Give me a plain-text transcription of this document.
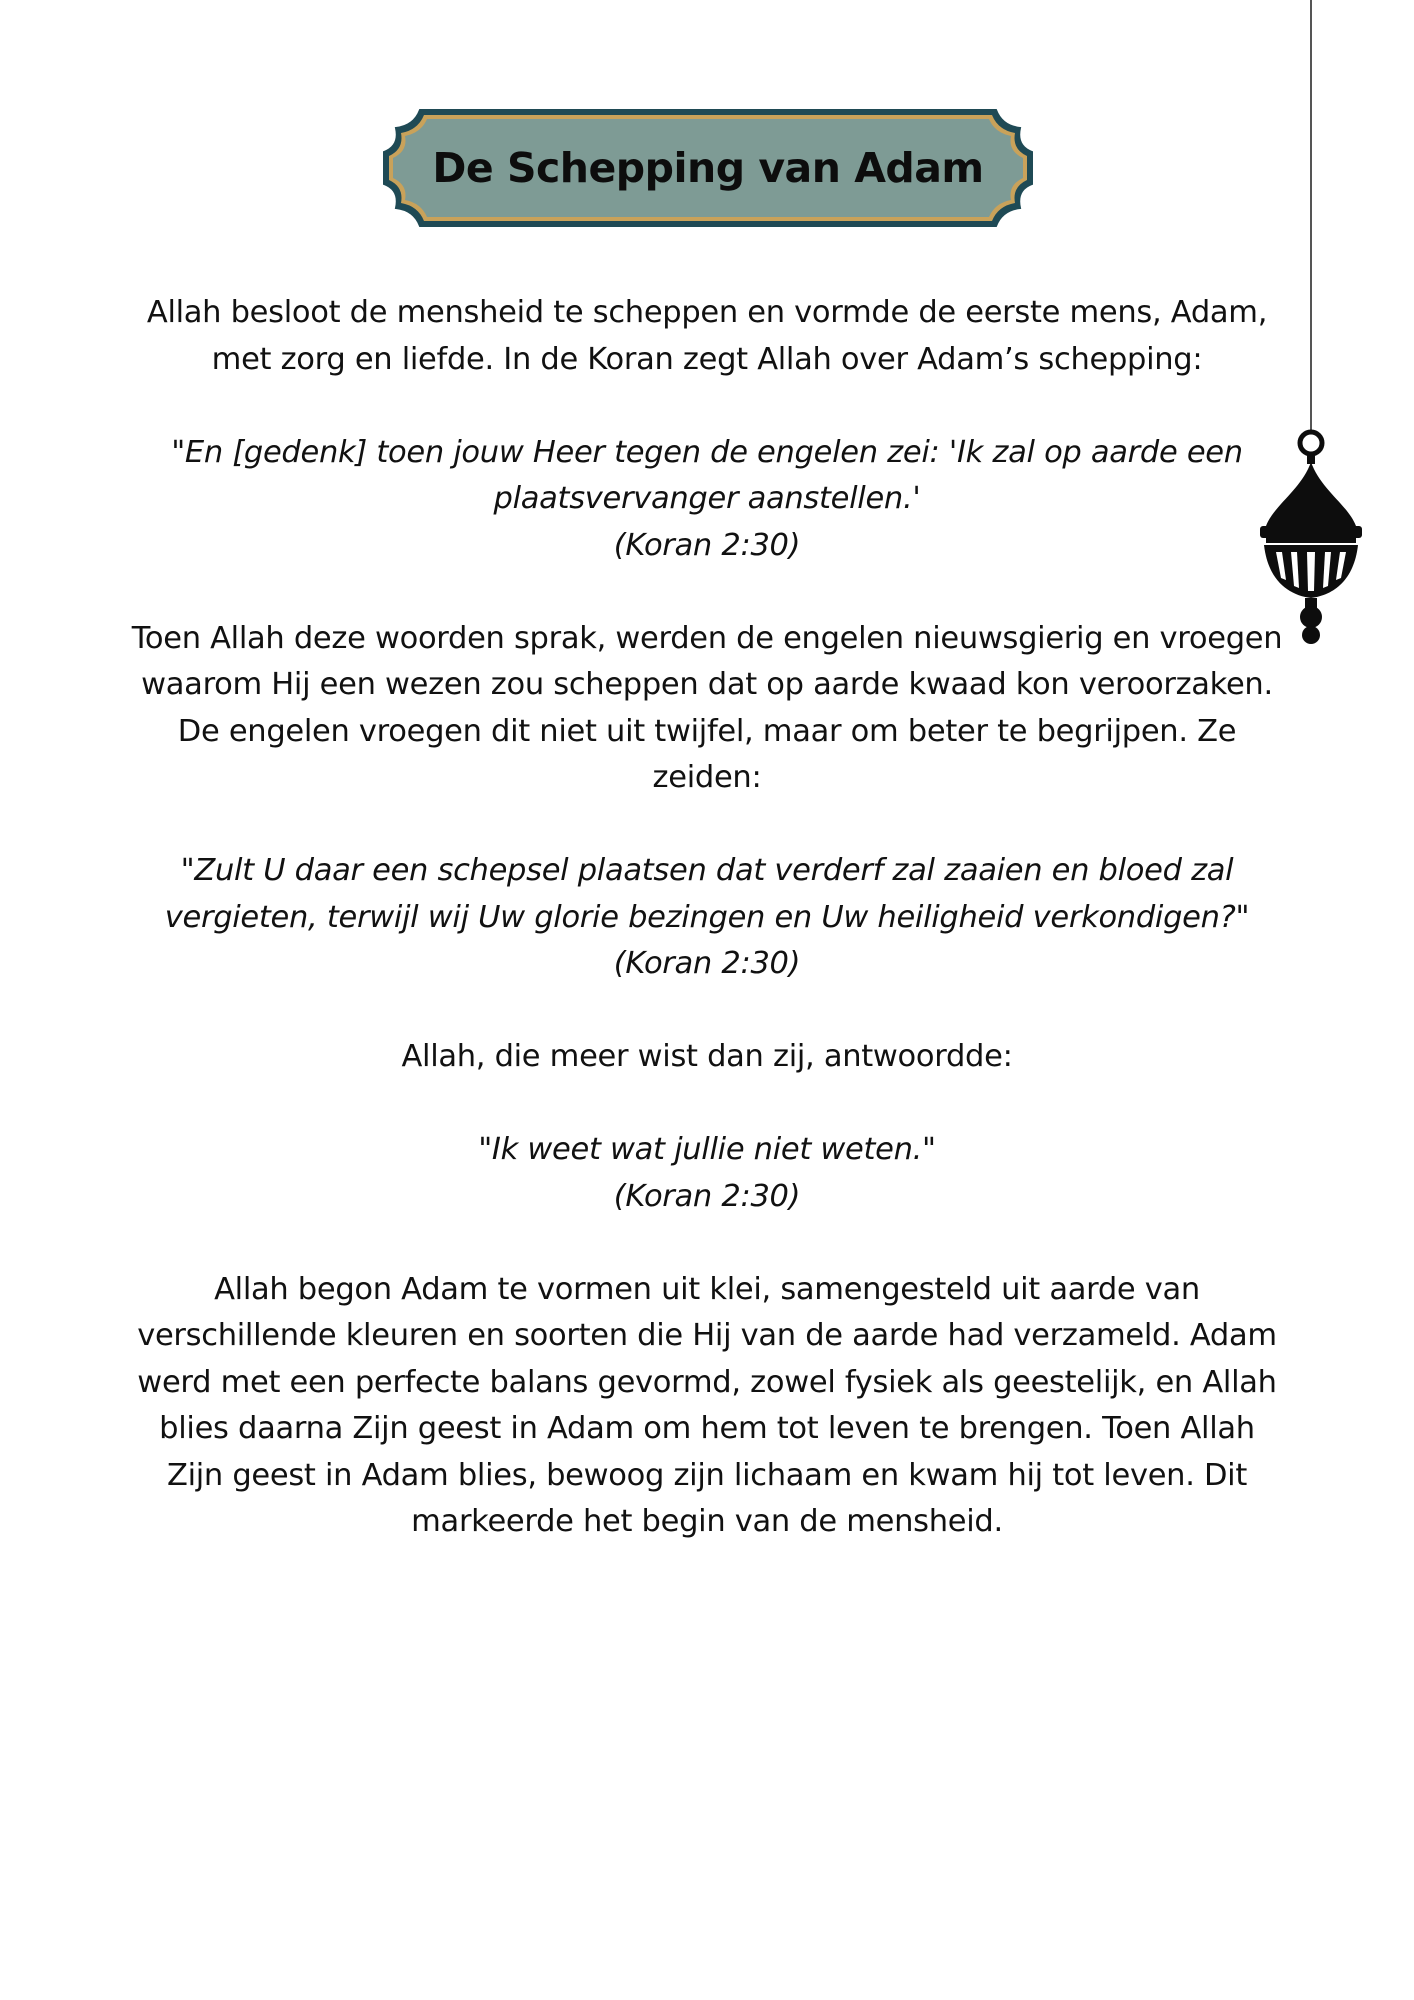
De Schepping van Adam

Allah besloot de mensheid te scheppen en vormde de eerste mens, Adam, met zorg en liefde. In de Koran zegt Allah over Adam’s schepping:

"En [gedenk] toen jouw Heer tegen de engelen zei: 'Ik zal op aarde een plaatsvervanger aanstellen.'

(Koran 2:30)

Toen Allah deze woorden sprak, werden de engelen nieuwsgierig en vroegen waarom Hij een wezen zou scheppen dat op aarde kwaad kon veroorzaken. De engelen vroegen dit niet uit twijfel, maar om beter te begrijpen. Ze zeiden:

"Zult U daar een schepsel plaatsen dat verderf zal zaaien en bloed zal vergieten, terwijl wij Uw glorie bezingen en Uw heiligheid verkondigen?"

(Koran 2:30)

Allah, die meer wist dan zij, antwoordde:

"Ik weet wat jullie niet weten."

(Koran 2:30)

Allah begon Adam te vormen uit klei, samengesteld uit aarde van verschillende kleuren en soorten die Hij van de aarde had verzameld. Adam werd met een perfecte balans gevormd, zowel fysiek als geestelijk, en Allah blies daarna Zijn geest in Adam om hem tot leven te brengen. Toen Allah Zijn geest in Adam blies, bewoog zijn lichaam en kwam hij tot leven. Dit markeerde het begin van de mensheid.
